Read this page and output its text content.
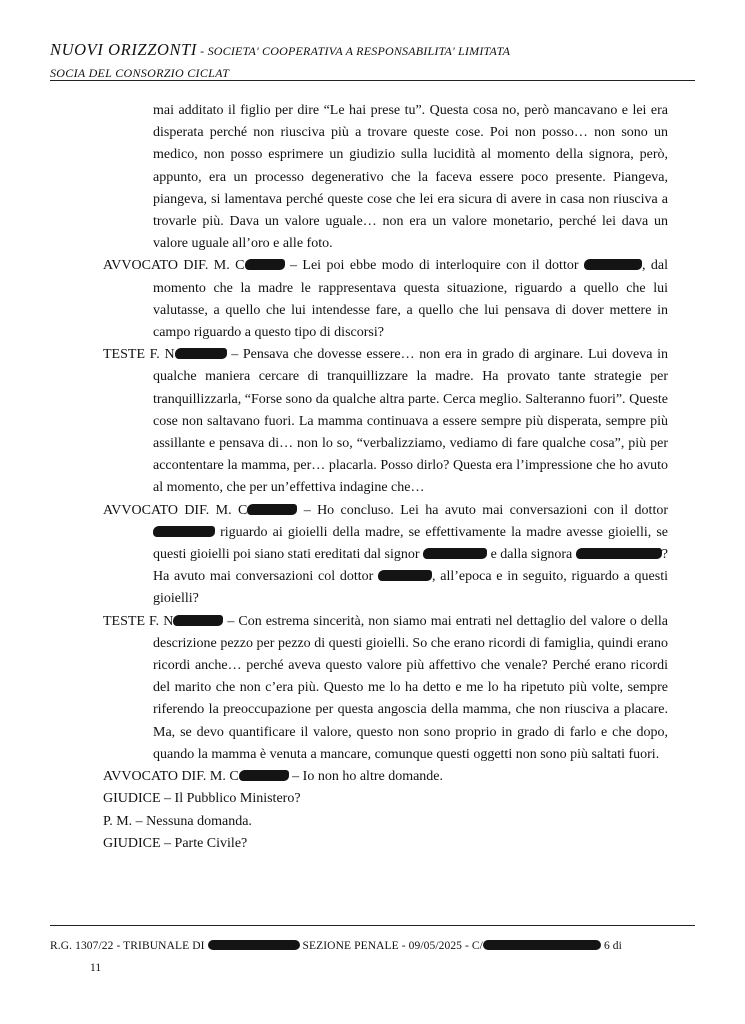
NUOVI ORIZZONTI - SOCIETA' COOPERATIVA A RESPONSABILITA' LIMITATA
SOCIA DEL CONSORZIO CICLAT

mai additato il figlio per dire “Le hai prese tu”. Questa cosa no, però mancavano e lei era disperata perché non riusciva più a trovare queste cose. Poi non posso… non sono un medico, non posso esprimere un giudizio sulla lucidità al momento della signora, però, appunto, era un processo degenerativo che la faceva essere poco presente. Piangeva, piangeva, si lamentava perché queste cose che lei era sicura di avere in casa non riusciva a trovarle più. Dava un valore uguale… non era un valore monetario, perché lei dava un valore uguale all’oro e alle foto.

AVVOCATO DIF. M. C	– Lei poi ebbe modo di interloquire con il dottor	, dal momento che la madre le rappresentava questa situazione, riguardo a quello che lui valutasse, a quello che lui intendesse fare, a quello che lui pensava di dover mettere in campo riguardo a questo tipo di discorsi?

TESTE F. N	– Pensava che dovesse essere… non era in grado di arginare. Lui doveva in qualche maniera cercare di tranquillizzare la madre. Ha provato tante strategie per tranquillizzarla, “Forse sono da qualche altra parte. Cerca meglio. Salteranno fuori”. Queste cose non saltavano fuori. La mamma continuava a essere sempre più disperata, sempre più assillante e pensava di… non lo so, “verbalizziamo, vediamo di fare qualche cosa”, più per accontentare la mamma, per… placarla. Posso dirlo? Questa era l’impressione che ho avuto al momento, che per un’effettiva indagine che…

AVVOCATO DIF. M. C	– Ho concluso. Lei ha avuto mai conversazioni con il dottor  riguardo ai gioielli della madre, se effettivamente la madre avesse gioielli, se questi gioielli poi siano stati ereditati dal signor	e dalla signora	? Ha avuto mai conversazioni col dottor	, all’epoca e in seguito, riguardo a questi gioielli?

TESTE F. N	– Con estrema sincerità, non siamo mai entrati nel dettaglio del valore o della descrizione pezzo per pezzo di questi gioielli. So che erano ricordi di famiglia, quindi erano ricordi anche… perché aveva questo valore più affettivo che venale? Perché erano ricordi del marito che non c’era più. Questo me lo ha detto e me lo ha ripetuto più volte, sempre riferendo la preoccupazione per questa angoscia della mamma, che non riusciva a placare. Ma, se devo quantificare il valore, questo non sono proprio in grado di farlo e che dopo, quando la mamma è venuta a mancare, comunque questi oggetti non sono più saltati fuori.

AVVOCATO DIF. M. C	– Io non ho altre domande.

GIUDICE – Il Pubblico Ministero?

P. M. – Nessuna domanda.

GIUDICE – Parte Civile?

R.G. 1307/22 - TRIBUNALE DI	SEZIONE PENALE - 09/05/2025 - C/	6 di
11
